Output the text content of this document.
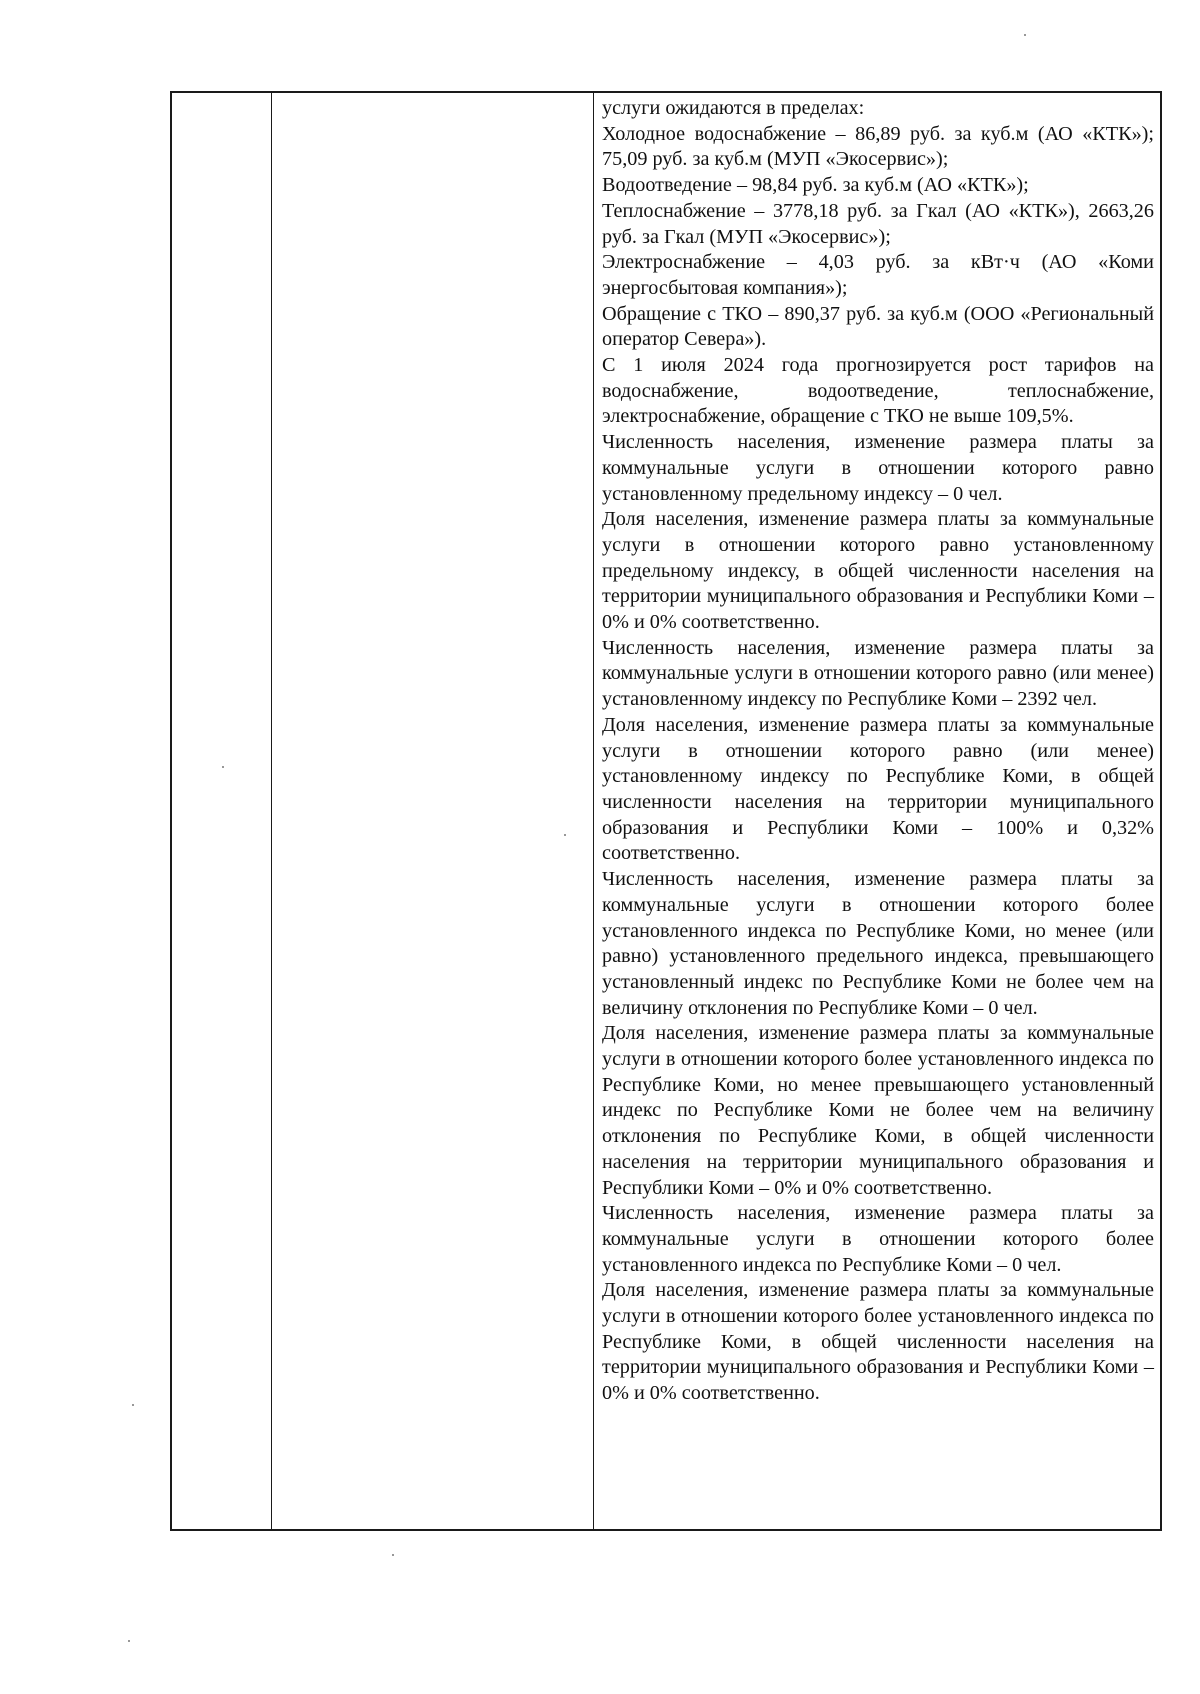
услуги ожидаются в пределах:

Холодное водоснабжение – 86,89 руб. за куб.м (АО «КТК»); 75,09 руб. за куб.м (МУП «Экосервис»);

Водоотведение – 98,84 руб. за куб.м (АО «КТК»);

Теплоснабжение – 3778,18 руб. за Гкал (АО «КТК»), 2663,26 руб. за Гкал (МУП «Экосервис»);

Электроснабжение – 4,03 руб. за кВт·ч (АО «Коми энергосбытовая компания»);

Обращение с ТКО – 890,37 руб. за куб.м (ООО «Региональный оператор Севера»).

С 1 июля 2024 года прогнозируется рост тарифов на водоснабжение, водоотведение, теплоснабжение, электроснабжение, обращение с ТКО не выше 109,5%.

Численность населения, изменение размера платы за коммунальные услуги в отношении которого равно установленному предельному индексу – 0 чел.

Доля населения, изменение размера платы за коммунальные услуги в отношении которого равно установленному предельному индексу, в общей численности населения на территории муниципального образования и Республики Коми – 0% и 0% соответственно.

Численность населения, изменение размера платы за коммунальные услуги в отношении которого равно (или менее) установленному индексу по Республике Коми – 2392 чел.

Доля населения, изменение размера платы за коммунальные услуги в отношении которого равно (или менее) установленному индексу по Республике Коми, в общей численности населения на территории муниципального образования и Республики Коми – 100% и 0,32% соответственно.

Численность населения, изменение размера платы за коммунальные услуги в отношении которого более установленного индекса по Республике Коми, но менее (или равно) установленного предельного индекса, превышающего установленный индекс по Республике Коми не более чем на величину отклонения по Республике Коми – 0 чел.

Доля населения, изменение размера платы за коммунальные услуги в отношении которого более установленного индекса по Республике Коми, но менее превышающего установленный индекс по Республике Коми не более чем на величину отклонения по Республике Коми, в общей численности населения на территории муниципального образования и Республики Коми – 0% и 0% соответственно.

Численность населения, изменение размера платы за коммунальные услуги в отношении которого более установленного индекса по Республике Коми – 0 чел.

Доля населения, изменение размера платы за коммунальные услуги в отношении которого более установленного индекса по Республике Коми, в общей численности населения на территории муниципального образования и Республики Коми – 0% и 0% соответственно.
